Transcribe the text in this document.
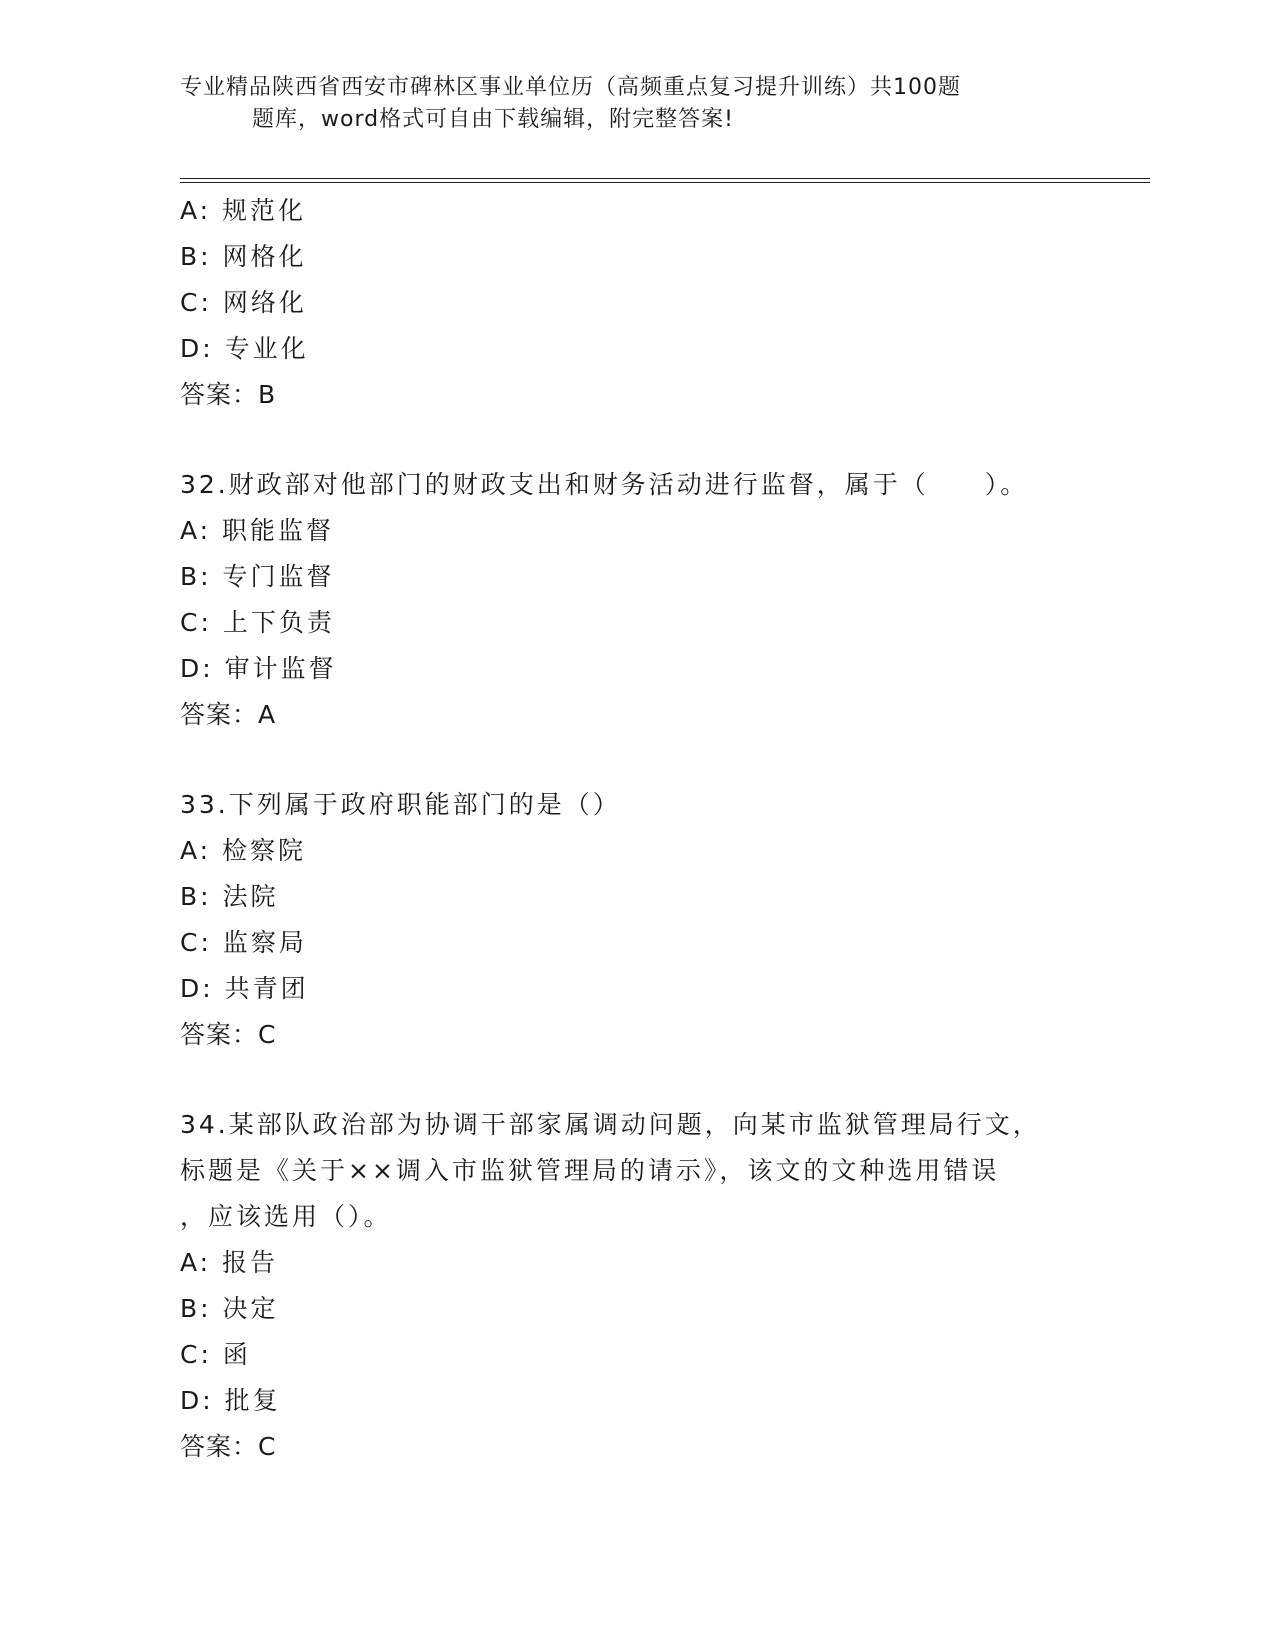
专业精品陕西省西安市碑林区事业单位历（高频重点复习提升训练）共100题
题库，word格式可自由下载编辑，附完整答案!
A: 规范化
B: 网格化
C: 网络化
D: 专业化
答案：B
32.财政部对他部门的财政支出和财务活动进行监督，属于（　　）。
A: 职能监督
B: 专门监督
C: 上下负责
D: 审计监督
答案：A
33.下列属于政府职能部门的是（）
A: 检察院
B: 法院
C: 监察局
D: 共青团
答案：C
34.某部队政治部为协调干部家属调动问题，向某市监狱管理局行文，
标题是《关于××调入市监狱管理局的请示》，该文的文种选用错误
，应该选用（）。
A: 报告
B: 决定
C: 函
D: 批复
答案：C
